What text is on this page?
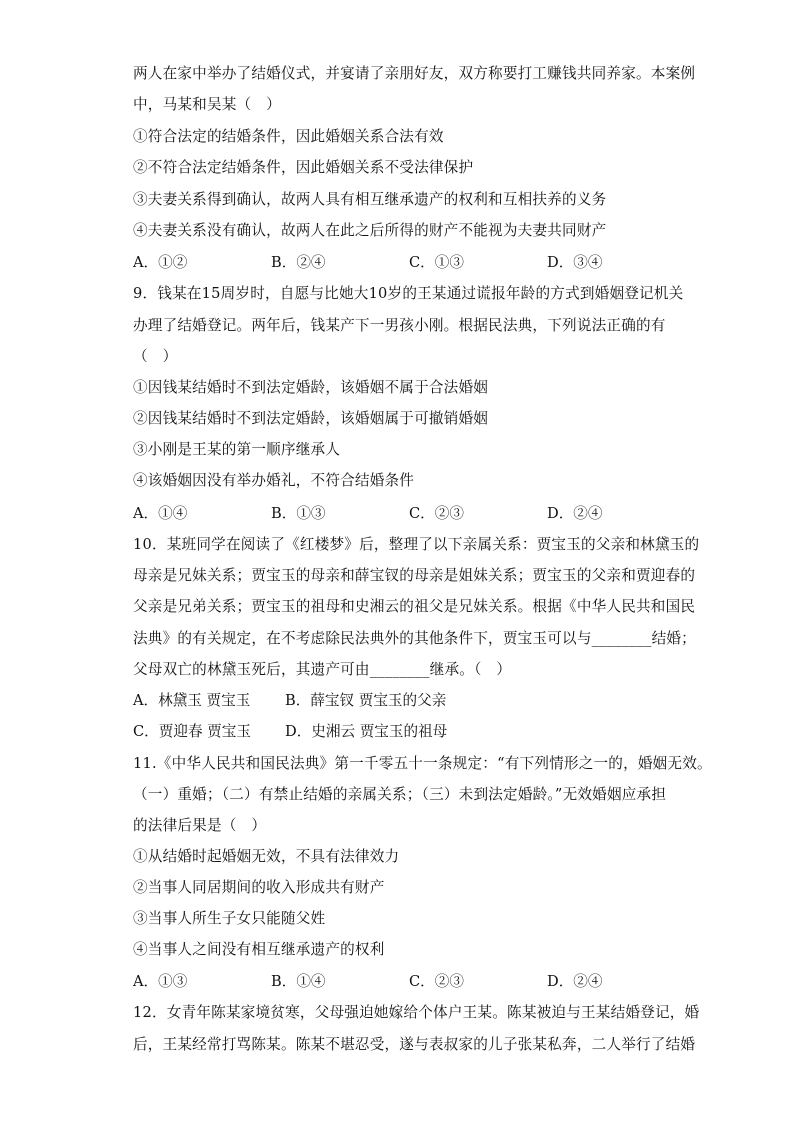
两人在家中举办了结婚仪式，并宴请了亲朋好友，双方称要打工赚钱共同养家。本案例
中，马某和吴某（　）
①符合法定的结婚条件，因此婚姻关系合法有效
②不符合法定结婚条件，因此婚姻关系不受法律保护
③夫妻关系得到确认，故两人具有相互继承遗产的权利和互相扶养的义务
④夫妻关系没有确认，故两人在此之后所得的财产不能视为夫妻共同财产
A．①②	B．②④	C．①③	D．③④
9．钱某在15周岁时，自愿与比她大10岁的王某通过谎报年龄的方式到婚姻登记机关
办理了结婚登记。两年后，钱某产下一男孩小刚。根据民法典，下列说法正确的有
（　）
①因钱某结婚时不到法定婚龄，该婚姻不属于合法婚姻
②因钱某结婚时不到法定婚龄，该婚姻属于可撤销婚姻
③小刚是王某的第一顺序继承人
④该婚姻因没有举办婚礼，不符合结婚条件
A．①④	B．①③	C．②③	D．②④
10．某班同学在阅读了《红楼梦》后，整理了以下亲属关系：贾宝玉的父亲和林黛玉的
母亲是兄妹关系；贾宝玉的母亲和薛宝钗的母亲是姐妹关系；贾宝玉的父亲和贾迎春的
父亲是兄弟关系；贾宝玉的祖母和史湘云的祖父是兄妹关系。根据《中华人民共和国民
法典》的有关规定，在不考虑除民法典外的其他条件下，贾宝玉可以与________结婚；
父母双亡的林黛玉死后，其遗产可由________继承。（　）
A．林黛玉 贾宝玉 B．薛宝钗 贾宝玉的父亲
C．贾迎春 贾宝玉 D．史湘云 贾宝玉的祖母
11.《中华人民共和国民法典》第一千零五十一条规定：“有下列情形之一的，婚姻无效。
（一）重婚；（二）有禁止结婚的亲属关系；（三）未到法定婚龄。”无效婚姻应承担
的法律后果是（　）
①从结婚时起婚姻无效，不具有法律效力
②当事人同居期间的收入形成共有财产
③当事人所生子女只能随父姓
④当事人之间没有相互继承遗产的权利
A．①③	B．①④	C．②③	D．②④
12．女青年陈某家境贫寒，父母强迫她嫁给个体户王某。陈某被迫与王某结婚登记，婚
后，王某经常打骂陈某。陈某不堪忍受，遂与表叔家的儿子张某私奔，二人举行了结婚
